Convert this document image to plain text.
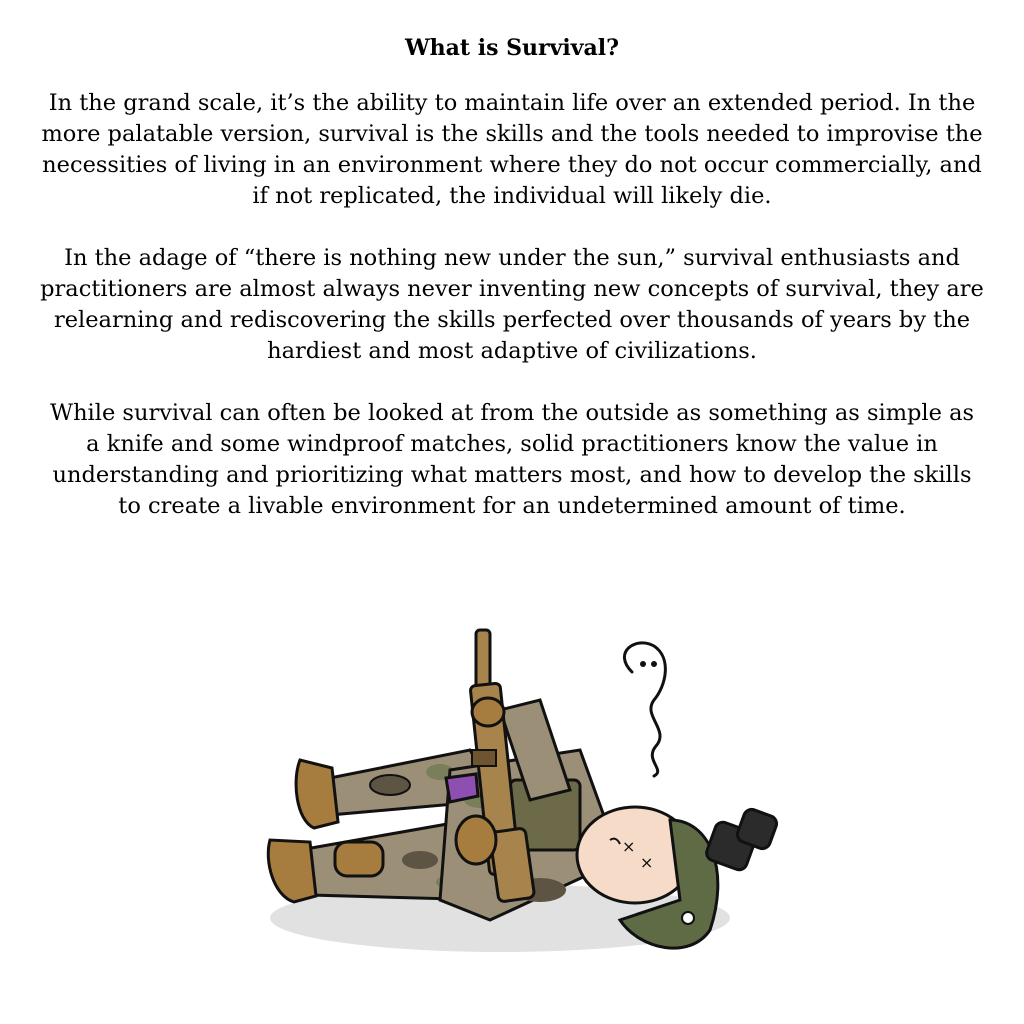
What is Survival?

In the grand scale, it’s the ability to maintain life over an extended period. In the more palatable version, survival is the skills and the tools needed to improvise the necessities of living in an environment where they do not occur commercially, and if not replicated, the individual will likely die.

In the adage of “there is nothing new under the sun,” survival enthusiasts and practitioners are almost always never inventing new concepts of survival, they are relearning and rediscovering the skills perfected over thousands of years by the hardiest and most adaptive of civilizations.

While survival can often be looked at from the outside as something as simple as a knife and some windproof matches, solid practitioners know the value in understanding and prioritizing what matters most, and how to develop the skills to create a livable environment for an undetermined amount of time.

×
×
